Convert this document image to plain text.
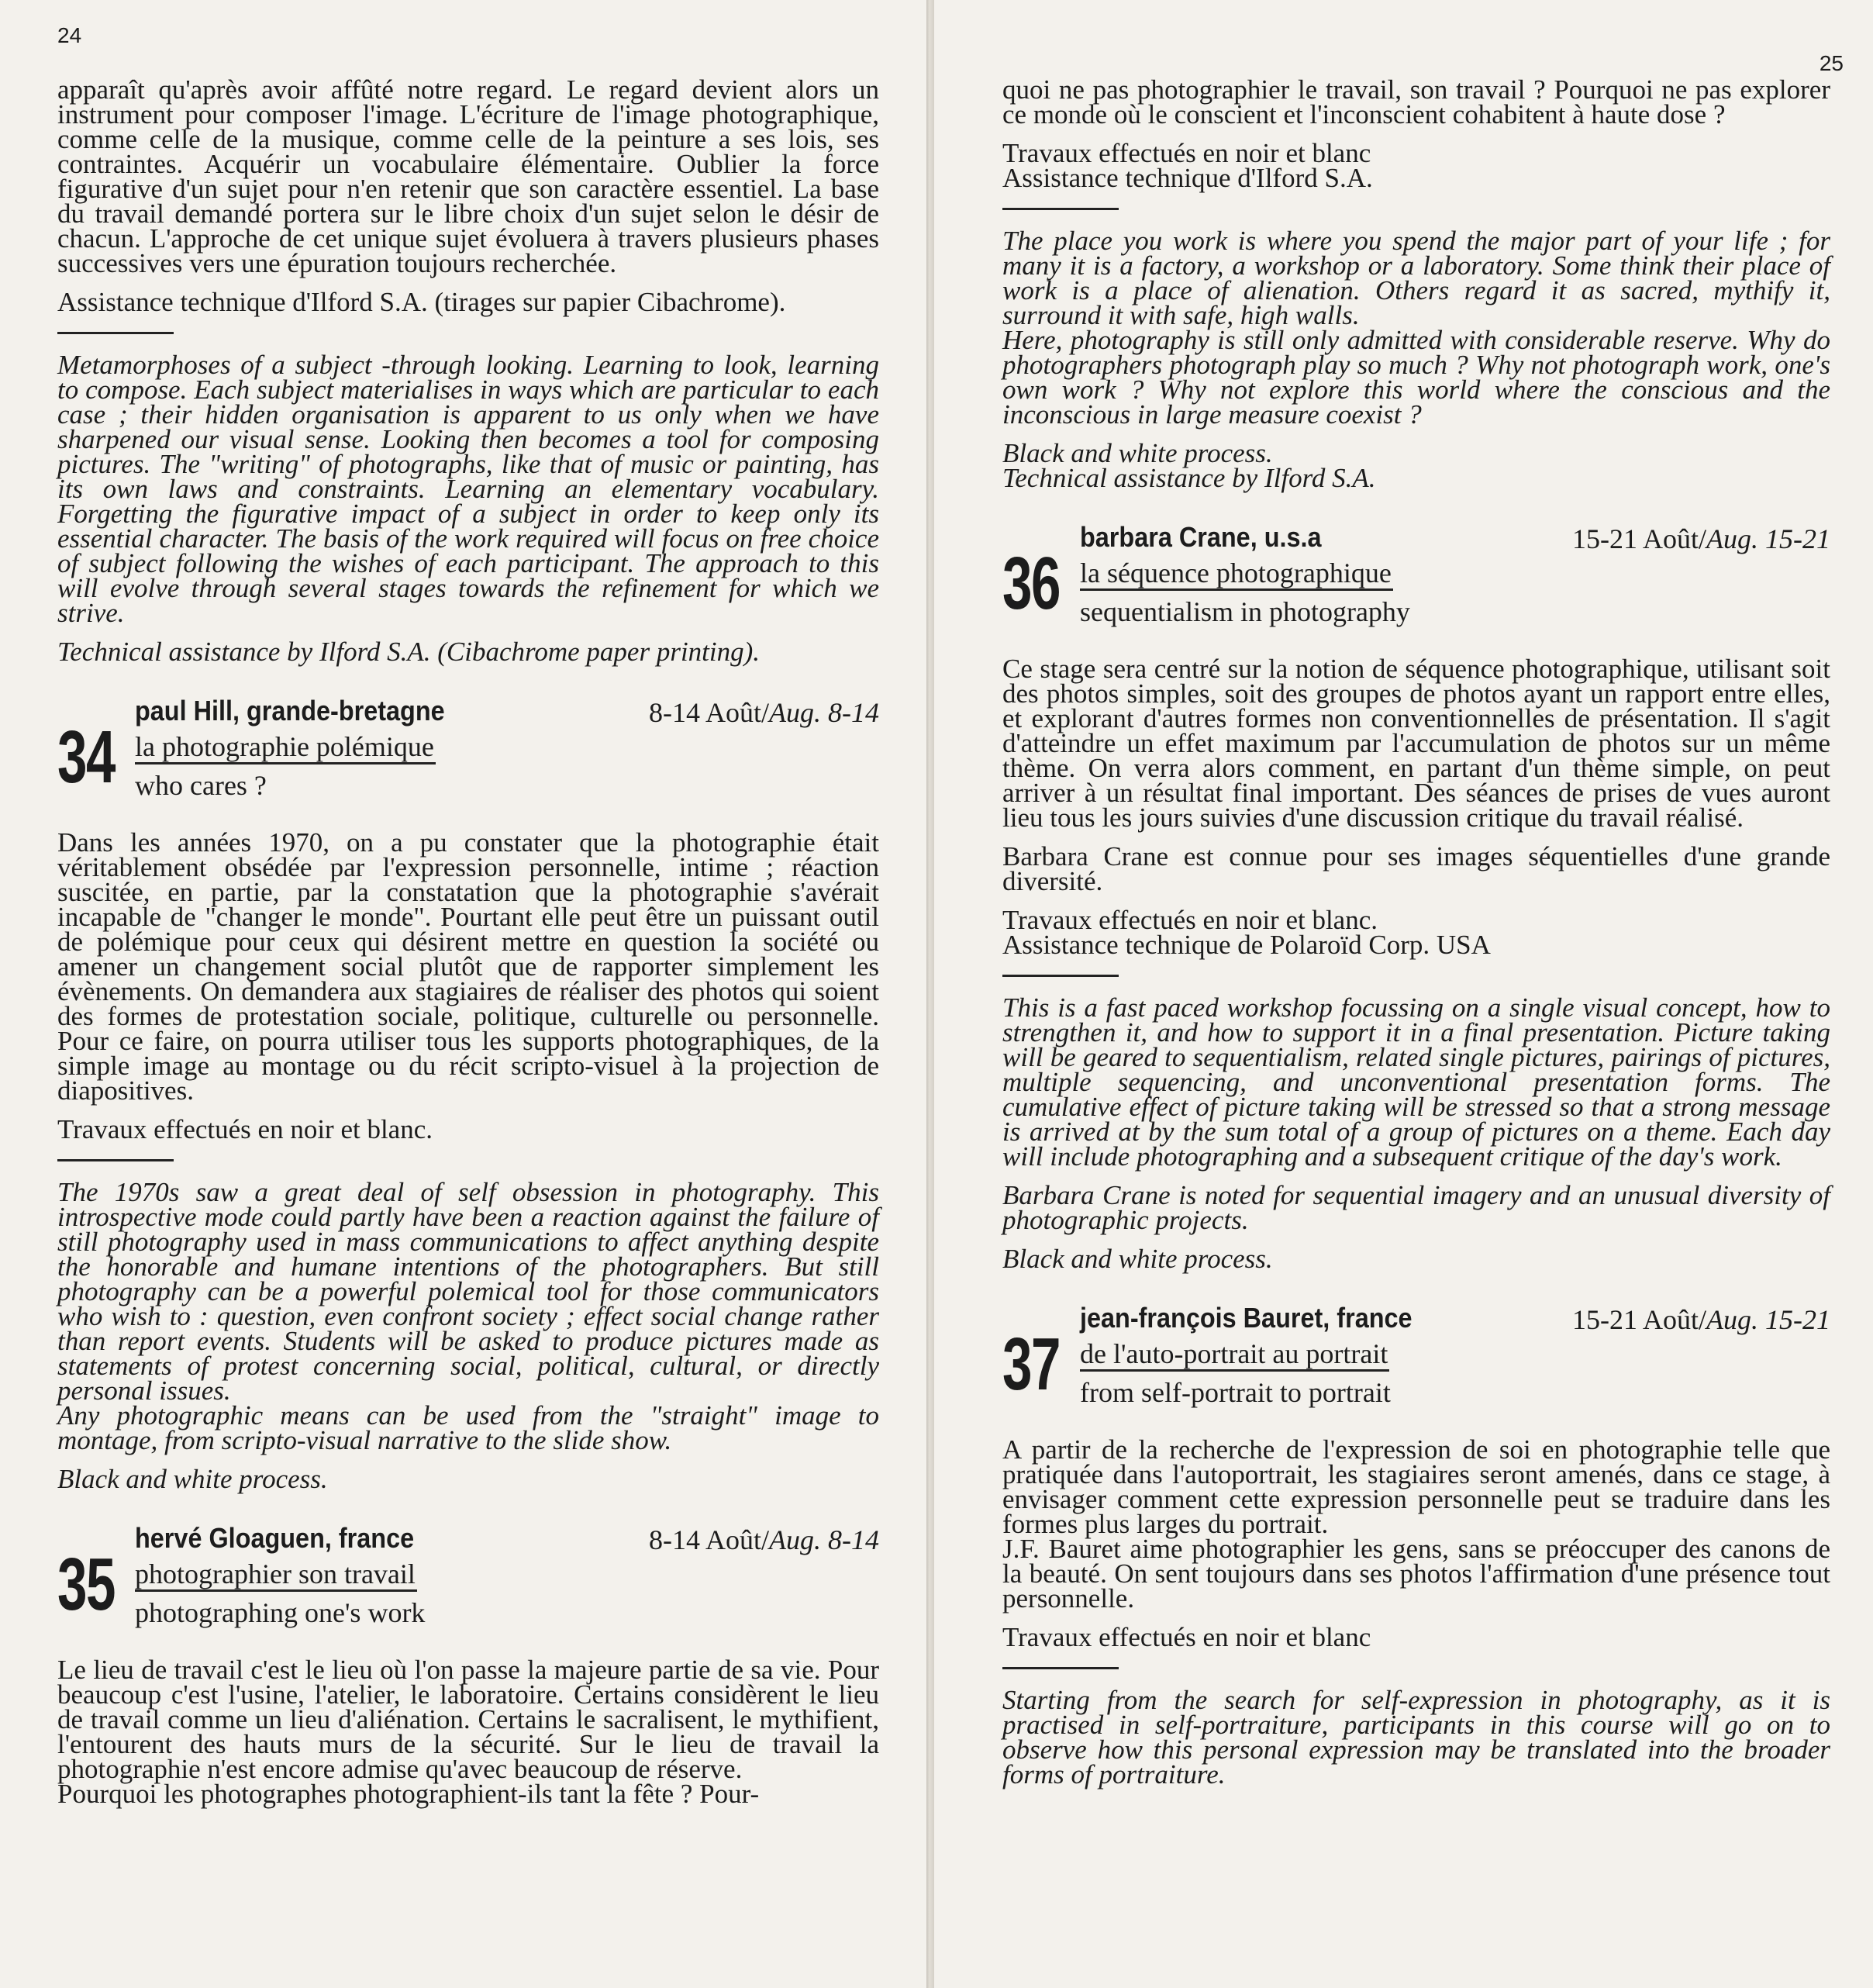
24

apparaît qu'après avoir affûté notre regard. Le regard devient alors un instrument pour composer l'image. L'écriture de l'image photographique, comme celle de la musique, comme celle de la peinture a ses lois, ses contraintes. Acquérir un vocabulaire élémentaire. Oublier la force figurative d'un sujet pour n'en retenir que son caractère essentiel. La base du travail demandé portera sur le libre choix d'un sujet selon le désir de chacun. L'approche de cet unique sujet évoluera à travers plusieurs phases successives vers une épuration toujours recherchée.

Assistance technique d'Ilford S.A. (tirages sur papier Cibachrome).

Metamorphoses of a subject -through looking. Learning to look, learning to compose. Each subject materialises in ways which are particular to each case ; their hidden organisation is apparent to us only when we have sharpened our visual sense. Looking then becomes a tool for composing pictures. The "writing" of photographs, like that of music or painting, has its own laws and constraints. Learning an elementary vocabulary. Forgetting the figurative impact of a subject in order to keep only its essential character. The basis of the work required will focus on free choice of subject following the wishes of each participant. The approach to this will evolve through several stages towards the refinement for which we strive.

Technical assistance by Ilford S.A. (Cibachrome paper printing).

34
paul Hill, grande-bretagne	8-14 Août/Aug. 8-14
la photographie polémique
who cares ?

Dans les années 1970, on a pu constater que la photographie était véritablement obsédée par l'expression personnelle, intime ; réaction suscitée, en partie, par la constatation que la photographie s'avérait incapable de "changer le monde". Pourtant elle peut être un puissant outil de polémique pour ceux qui désirent mettre en question la société ou amener un changement social plutôt que de rapporter simplement les évènements. On demandera aux stagiaires de réaliser des photos qui soient des formes de protestation sociale, politique, culturelle ou personnelle. Pour ce faire, on pourra utiliser tous les supports photographiques, de la simple image au montage ou du récit scripto-visuel à la projection de diapositives.

Travaux effectués en noir et blanc.

The 1970s saw a great deal of self obsession in photography. This introspective mode could partly have been a reaction against the failure of still photography used in mass communications to affect anything despite the honorable and humane intentions of the photographers. But still photography can be a powerful polemical tool for those communicators who wish to : question, even confront society ; effect social change rather than report events. Students will be asked to produce pictures made as statements of protest concerning social, political, cultural, or directly personal issues.

Any photographic means can be used from the "straight" image to montage, from scripto-visual narrative to the slide show.

Black and white process.

35
hervé Gloaguen, france	8-14 Août/Aug. 8-14
photographier son travail
photographing one's work

Le lieu de travail c'est le lieu où l'on passe la majeure partie de sa vie. Pour beaucoup c'est l'usine, l'atelier, le laboratoire. Certains considèrent le lieu de travail comme un lieu d'aliénation. Certains le sacralisent, le mythifient, l'entourent des hauts murs de la sécurité. Sur le lieu de travail la photographie n'est encore admise qu'avec beaucoup de réserve.

Pourquoi les photographes photographient-ils tant la fête ? Pour-

25

quoi ne pas photographier le travail, son travail ? Pourquoi ne pas explorer ce monde où le conscient et l'inconscient cohabitent à haute dose ?

Travaux effectués en noir et blanc

Assistance technique d'Ilford S.A.

The place you work is where you spend the major part of your life ; for many it is a factory, a workshop or a laboratory. Some think their place of work is a place of alienation. Others regard it as sacred, mythify it, surround it with safe, high walls.

Here, photography is still only admitted with considerable reserve. Why do photographers photograph play so much ? Why not photograph work, one's own work ? Why not explore this world where the conscious and the inconscious in large measure coexist ?

Black and white process.

Technical assistance by Ilford S.A.

36
barbara Crane, u.s.a	15-21 Août/Aug. 15-21
la séquence photographique
sequentialism in photography

Ce stage sera centré sur la notion de séquence photographique, utilisant soit des photos simples, soit des groupes de photos ayant un rapport entre elles, et explorant d'autres formes non conventionnelles de présentation. Il s'agit d'atteindre un effet maximum par l'accumulation de photos sur un même thème. On verra alors comment, en partant d'un thème simple, on peut arriver à un résultat final important. Des séances de prises de vues auront lieu tous les jours suivies d'une discussion critique du travail réalisé.

Barbara Crane est connue pour ses images séquentielles d'une grande diversité.

Travaux effectués en noir et blanc.

Assistance technique de Polaroïd Corp. USA

This is a fast paced workshop focussing on a single visual concept, how to strengthen it, and how to support it in a final presentation. Picture taking will be geared to sequentialism, related single pictures, pairings of pictures, multiple sequencing, and unconventional presentation forms. The cumulative effect of picture taking will be stressed so that a strong message is arrived at by the sum total of a group of pictures on a theme. Each day will include photographing and a subsequent critique of the day's work.

Barbara Crane is noted for sequential imagery and an unusual diversity of photographic projects.

Black and white process.

37
jean-françois Bauret, france	15-21 Août/Aug. 15-21
de l'auto-portrait au portrait
from self-portrait to portrait

A partir de la recherche de l'expression de soi en photographie telle que pratiquée dans l'autoportrait, les stagiaires seront amenés, dans ce stage, à envisager comment cette expression personnelle peut se traduire dans les formes plus larges du portrait.

J.F. Bauret aime photographier les gens, sans se préoccuper des canons de la beauté. On sent toujours dans ses photos l'affirmation d'une présence tout personnelle.

Travaux effectués en noir et blanc

Starting from the search for self-expression in photography, as it is practised in self-portraiture, participants in this course will go on to observe how this personal expression may be translated into the broader forms of portraiture.
